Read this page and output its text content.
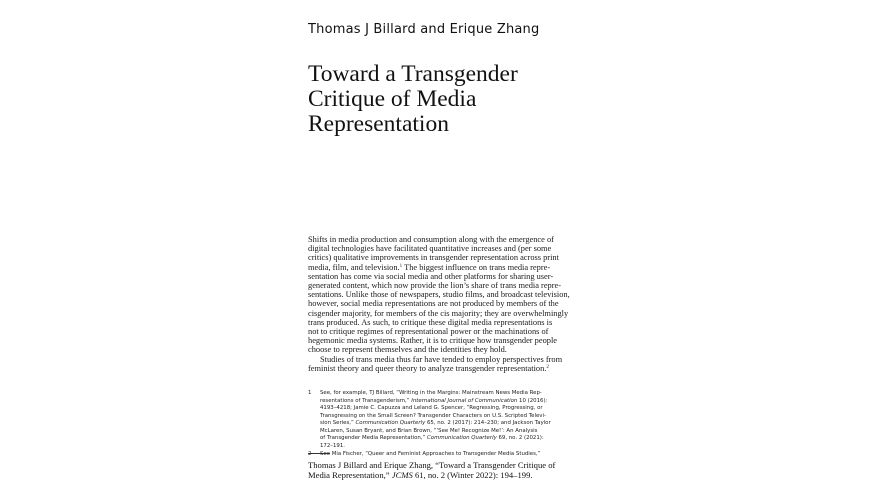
Thomas J Billard and Erique Zhang
Toward a Transgender
Critique of Media
Representation
Shifts in media production and consumption along with the emergence of
digital technologies have facilitated quantitative increases and (per some
critics) qualitative improvements in transgender representation across print
media, film, and television.$^1$ The biggest influence on trans media repre-
sentation has come via social media and other platforms for sharing user-
generated content, which now provide the lion’s share of trans media repre-
sentations. Unlike those of newspapers, studio films, and broadcast television,
however, social media representations are not produced by members of the
cisgender majority, for members of the cis majority; they are overwhelmingly
trans produced. As such, to critique these digital media representations is
not to critique regimes of representational power or the machinations of
hegemonic media systems. Rather, it is to critique how transgender people
choose to represent themselves and the identities they hold.
Studies of trans media thus far have tended to employ perspectives from
feminist theory and queer theory to analyze transgender representation.$^2$
1 See, for example, TJ Billard, “Writing in the Margins: Mainstream News Media Rep-
resentations of Transgenderism,” International Journal of Communication 10 (2016):
4193–4218; Jamie C. Capuzza and Leland G. Spencer, “Regressing, Progressing, or
Transgressing on the Small Screen? Transgender Characters on U.S. Scripted Televi-
sion Series,” Communication Quarterly 65, no. 2 (2017): 214–230; and Jackson Taylor
McLaren, Susan Bryant, and Brian Brown, “‘See Me! Recognize Me!’: An Analysis
of Transgender Media Representation,” Communication Quarterly 69, no. 2 (2021):
172–191.
2 See Mia Fischer, “Queer and Feminist Approaches to Transgender Media Studies,”
Thomas J Billard and Erique Zhang, “Toward a Transgender Critique of
Media Representation,” JCMS 61, no. 2 (Winter 2022): 194–199.
